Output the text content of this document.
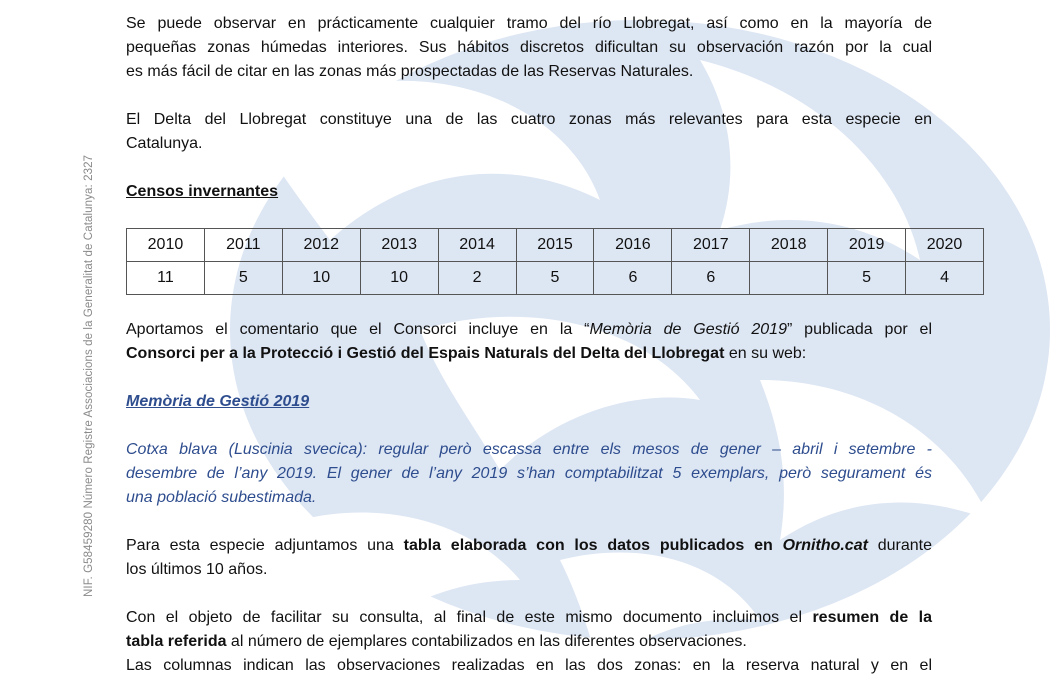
NIF. G58459280 Número Registre Associacions de la Generalitat de Catalunya: 2327

Se puede observar en prácticamente cualquier tramo del río Llobregat, así como en la mayoría de

pequeñas zonas húmedas interiores. Sus hábitos discretos dificultan su observación razón por la cual

es más fácil de citar en las zonas más prospectadas de las Reservas Naturales.

El Delta del Llobregat constituye una de las cuatro zonas más relevantes para esta especie en

Catalunya.

Censos invernantes

Aportamos el comentario que el Consorci incluye en la “Memòria de Gestió 2019” publicada por el

Consorci per a la Protecció i Gestió del Espais Naturals del Delta del Llobregat en su web:

Memòria de Gestió 2019

Cotxa blava (Luscinia svecica): regular però escassa entre els mesos de gener – abril i setembre -

desembre de l’any 2019. El gener de l’any 2019 s’han comptabilitzat 5 exemplars, però segurament és

una població subestimada.

Para esta especie adjuntamos una tabla elaborada con los datos publicados en Ornitho.cat durante

los últimos 10 años.

Con el objeto de facilitar su consulta, al final de este mismo documento incluimos el resumen de la

tabla referida al número de ejemplares contabilizados en las diferentes observaciones.

Las columnas indican las observaciones realizadas en las dos zonas: en la reserva natural y en el

2010	2011	2012	2013	2014	2015	2016	2017	2018	2019	2020
11	5	10	10	2	5	6	6		5	4
